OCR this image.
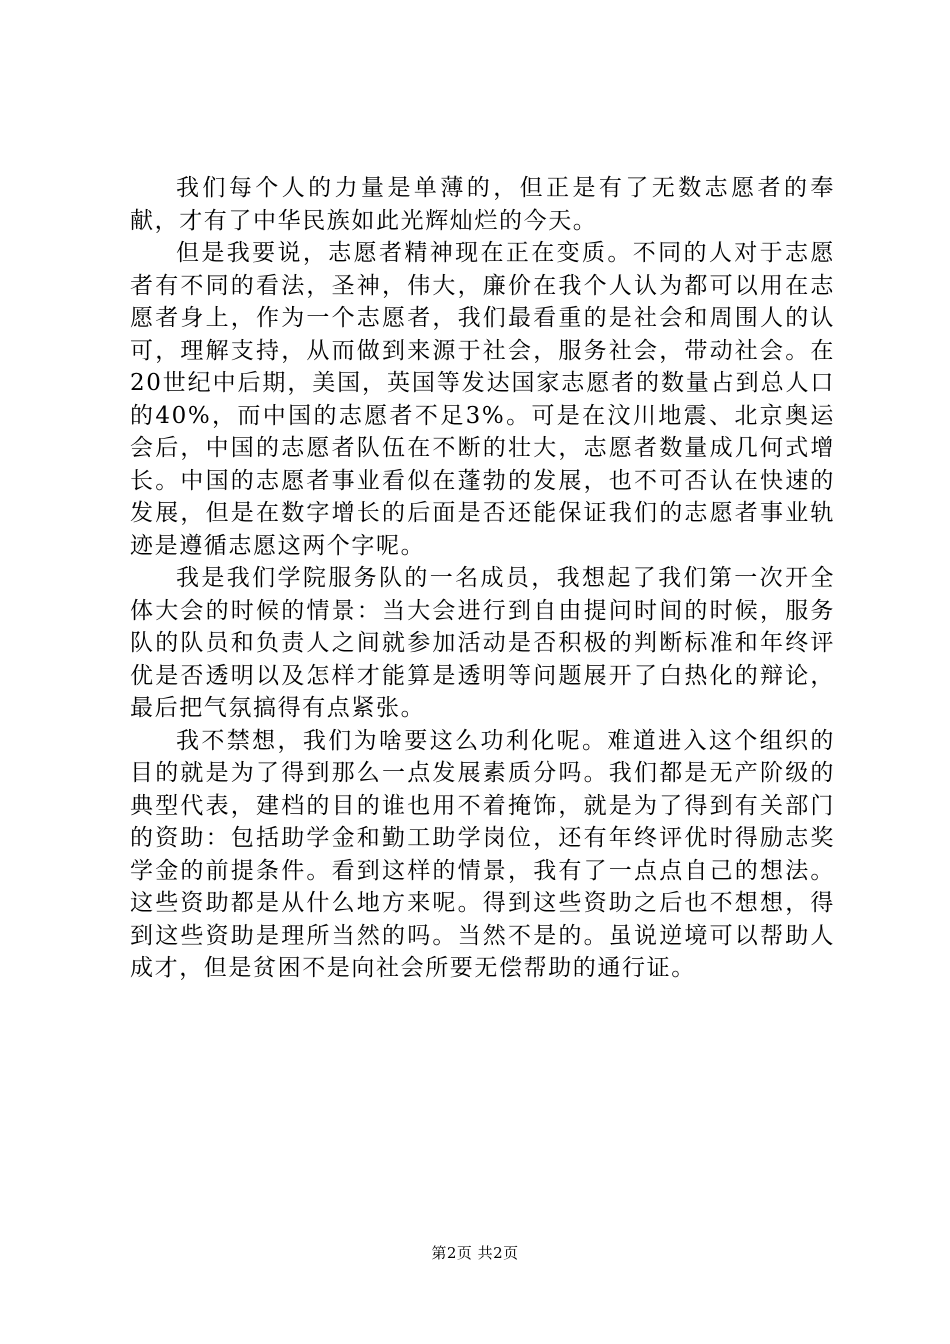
我们每个人的力量是单薄的，但正是有了无数志愿者的奉献，才有了中华民族如此光辉灿烂的今天。

但是我要说，志愿者精神现在正在变质。不同的人对于志愿者有不同的看法，圣神，伟大，廉价在我个人认为都可以用在志愿者身上，作为一个志愿者，我们最看重的是社会和周围人的认可，理解支持，从而做到来源于社会，服务社会，带动社会。在20世纪中后期，美国，英国等发达国家志愿者的数量占到总人口的40%，而中国的志愿者不足3%。可是在汶川地震、北京奥运会后，中国的志愿者队伍在不断的壮大，志愿者数量成几何式增长。中国的志愿者事业看似在蓬勃的发展，也不可否认在快速的发展，但是在数字增长的后面是否还能保证我们的志愿者事业轨迹是遵循志愿这两个字呢。

我是我们学院服务队的一名成员，我想起了我们第一次开全体大会的时候的情景：当大会进行到自由提问时间的时候，服务队的队员和负责人之间就参加活动是否积极的判断标准和年终评优是否透明以及怎样才能算是透明等问题展开了白热化的辩论，最后把气氛搞得有点紧张。

我不禁想，我们为啥要这么功利化呢。难道进入这个组织的目的就是为了得到那么一点发展素质分吗。我们都是无产阶级的典型代表，建档的目的谁也用不着掩饰，就是为了得到有关部门的资助：包括助学金和勤工助学岗位，还有年终评优时得励志奖学金的前提条件。看到这样的情景，我有了一点点自己的想法。这些资助都是从什么地方来呢。得到这些资助之后也不想想，得到这些资助是理所当然的吗。当然不是的。虽说逆境可以帮助人成才，但是贫困不是向社会所要无偿帮助的通行证。

第2页 共2页
